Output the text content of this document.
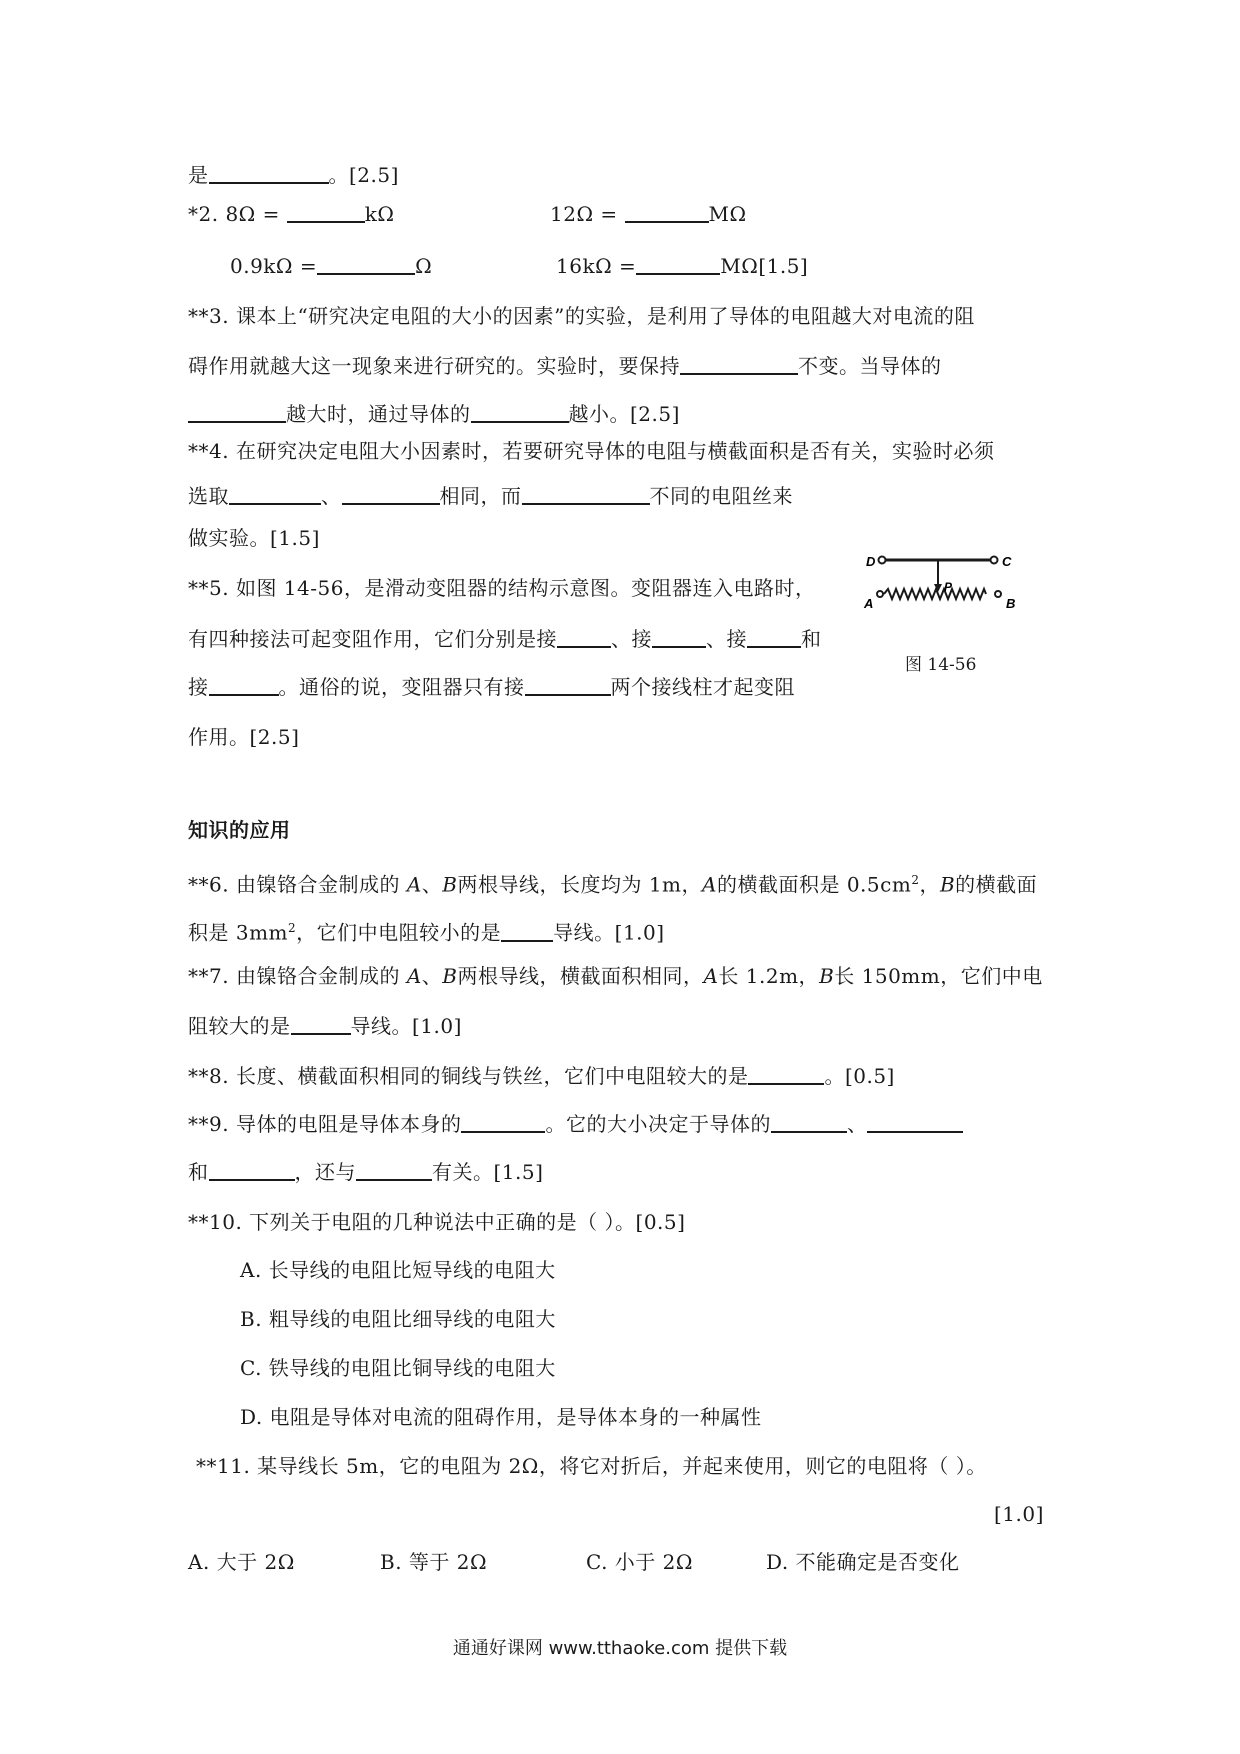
是	。[2.5]
*2. 8Ω =	kΩ	12Ω =	MΩ
0.9kΩ =	Ω	16kΩ =	MΩ[1.5]
**3. 课本上“研究决定电阻的大小的因素”的实验，是利用了导体的电阻越大对电流的阻
碍作用就越大这一现象来进行研究的。实验时，要保持	不变。当导体的
越大时，通过导体的	越小。[2.5]
**4. 在研究决定电阻大小因素时，若要研究导体的电阻与横截面积是否有关，实验时必须
选取	、	相同，而	不同的电阻丝来
做实验。[1.5]
**5. 如图 14-56，是滑动变阻器的结构示意图。变阻器连入电路时，
有四种接法可起变阻作用，它们分别是接	、接	、接	和
接	。通俗的说，变阻器只有接	两个接线柱才起变阻
作用。[2.5]
D	C
P
A	B
图 14-56
知识的应用
**6. 由镍铬合金制成的 A、B两根导线，长度均为 1m，A的横截面积是 $0.5cm^2$，B的横截面
积是 $3mm^2$，它们中电阻较小的是	导线。[1.0]
**7. 由镍铬合金制成的 A、B两根导线，横截面积相同，A长 1.2m，B长 150mm，它们中电
阻较大的是	导线。[1.0]
**8. 长度、横截面积相同的铜线与铁丝，它们中电阻较大的是	。[0.5]
**9. 导体的电阻是导体本身的	。它的大小决定于导体的	、
和	，还与	有关。[1.5]
**10. 下列关于电阻的几种说法中正确的是（ ）。[0.5]
A. 长导线的电阻比短导线的电阻大
B. 粗导线的电阻比细导线的电阻大
C. 铁导线的电阻比铜导线的电阻大
D. 电阻是导体对电流的阻碍作用，是导体本身的一种属性
**11. 某导线长 5m，它的电阻为 2Ω，将它对折后，并起来使用，则它的电阻将（ ）。
[1.0]
A. 大于 2Ω	B. 等于 2Ω	C. 小于 2Ω	D. 不能确定是否变化
通通好课网 www.tthaoke.com 提供下载
